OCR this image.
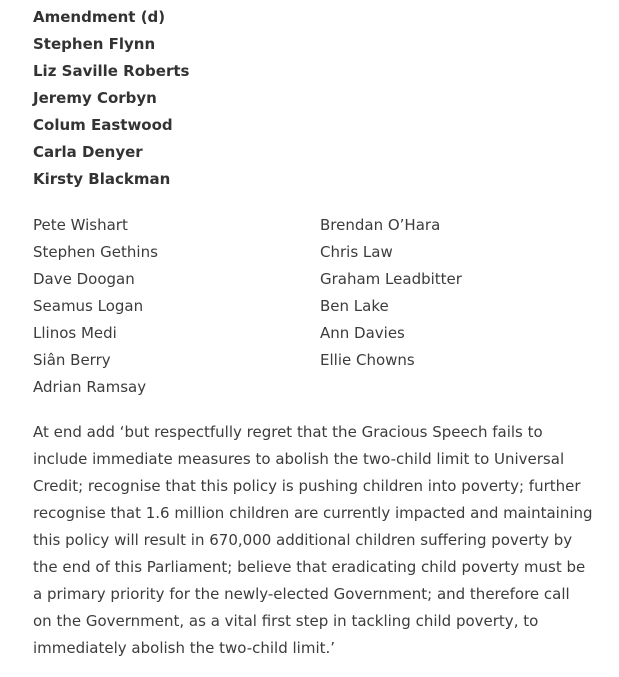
Amendment (d)
Stephen Flynn
Liz Saville Roberts
Jeremy Corbyn
Colum Eastwood
Carla Denyer
Kirsty Blackman
Pete Wishart
Stephen Gethins
Dave Doogan
Seamus Logan
Llinos Medi
Siân Berry
Adrian Ramsay
Brendan O’Hara
Chris Law
Graham Leadbitter
Ben Lake
Ann Davies
Ellie Chowns

At end add ‘but respectfully regret that the Gracious Speech fails to include immediate measures to abolish the two-child limit to Universal Credit; recognise that this policy is pushing children into poverty; further recognise that 1.6 million children are currently impacted and maintaining this policy will result in 670,000 additional children suffering poverty by the end of this Parliament; believe that eradicating child poverty must be a primary priority for the newly-elected Government; and therefore call on the Government, as a vital first step in tackling child poverty, to immediately abolish the two-child limit.’
